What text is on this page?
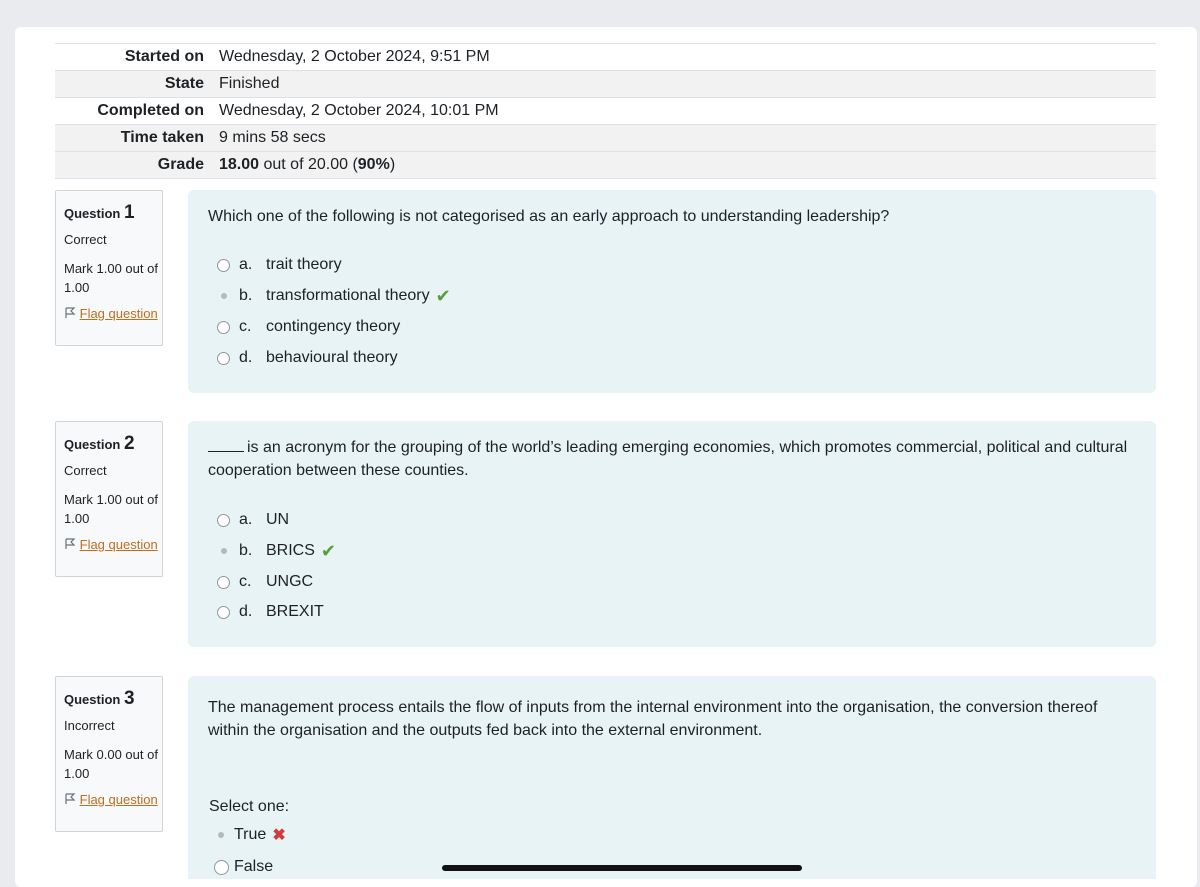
Started on Wednesday, 2 October 2024, 9:51 PM
State Finished
Completed on Wednesday, 2 October 2024, 10:01 PM
Time taken 9 mins 58 secs
Grade 18.00 out of 20.00 (90%)
Question 1
Correct
Mark 1.00 out of 1.00
Flag question
Which one of the following is not categorised as an early approach to understanding leadership?
a. trait theory
b. transformational theory ✔
c. contingency theory
d. behavioural theory
Question 2
Correct
Mark 1.00 out of 1.00
Flag question
is an acronym for the grouping of the world’s leading emerging economies, which promotes commercial, political and cultural cooperation between these counties.
a. UN
b. BRICS ✔
c. UNGC
d. BREXIT
Question 3
Incorrect
Mark 0.00 out of 1.00
Flag question
The management process entails the flow of inputs from the internal environment into the organisation, the conversion thereof within the organisation and the outputs fed back into the external environment.
Select one:
True ✖
False
